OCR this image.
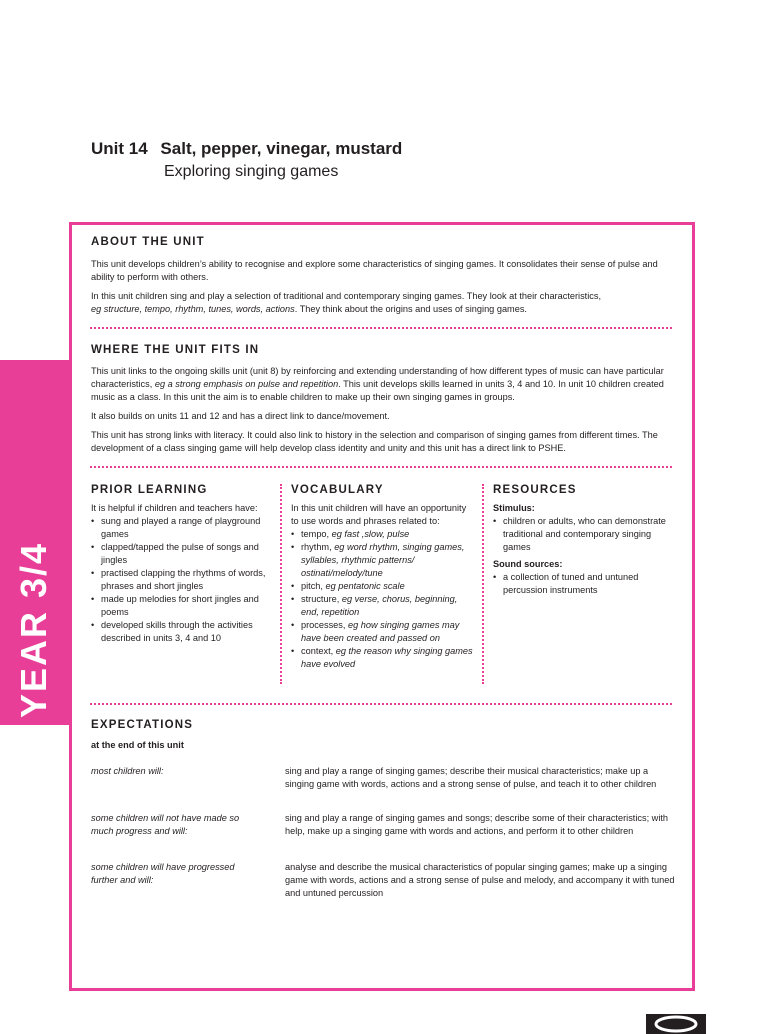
Unit 14 Salt, pepper, vinegar, mustard
Exploring singing games
YEAR 3/4
ABOUT THE UNIT

This unit develops children’s ability to recognise and explore some characteristics of singing games. It consolidates their sense of pulse and ability to perform with others.

In this unit children sing and play a selection of traditional and contemporary singing games. They look at their characteristics,
eg structure, tempo, rhythm, tunes, words, actions. They think about the origins and uses of singing games.

WHERE THE UNIT FITS IN

This unit links to the ongoing skills unit (unit 8) by reinforcing and extending understanding of how different types of music can have particular characteristics, eg a strong emphasis on pulse and repetition. This unit develops skills learned in units 3, 4 and 10. In unit 10 children created music as a class. In this unit the aim is to enable children to make up their own singing games in groups.

It also builds on units 11 and 12 and has a direct link to dance/movement.

This unit has strong links with literacy. It could also link to history in the selection and comparison of singing games from different times. The development of a class singing game will help develop class identity and unity and this unit has a direct link to PSHE.

PRIOR LEARNING
It is helpful if children and teachers have:
• sung and played a range of playground games
• clapped/tapped the pulse of songs and jingles
• practised clapping the rhythms of words, phrases and short jingles
• made up melodies for short jingles and poems
• developed skills through the activities described in units 3, 4 and 10
VOCABULARY
In this unit children will have an opportunity to use words and phrases related to:
• tempo, eg fast ,slow, pulse
• rhythm, eg word rhythm, singing games, syllables, rhythmic patterns/ ostinati/melody/tune
• pitch, eg pentatonic scale
• structure, eg verse, chorus, beginning, end, repetition
• processes, eg how singing games may have been created and passed on
• context, eg the reason why singing games have evolved
RESOURCES
Stimulus:
• children or adults, who can demonstrate traditional and contemporary singing games
Sound sources:
• a collection of tuned and untuned percussion instruments
EXPECTATIONS
at the end of this unit
most children will:	sing and play a range of singing games; describe their musical characteristics; make up a singing game with words, actions and a strong sense of pulse, and teach it to other children
some children will not have made so much progress and will:
sing and play a range of singing games and songs; describe some of their characteristics; with help, make up a singing game with words and actions, and perform it to other children
some children will have progressed further and will:
analyse and describe the musical characteristics of popular singing games; make up a singing game with words, actions and a strong sense of pulse and melody, and accompany it with tuned and untuned percussion
